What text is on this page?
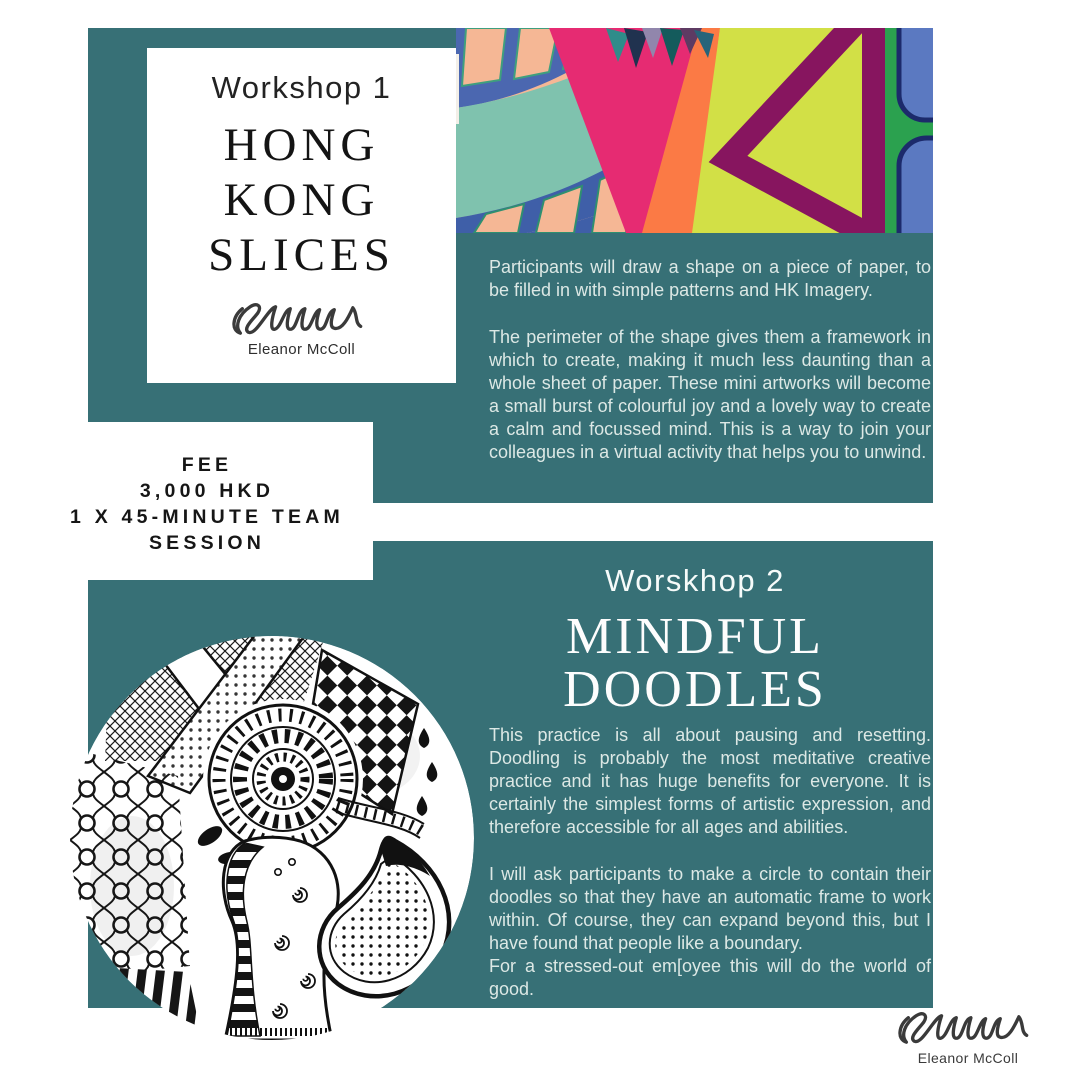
Workshop 1
HONG
KONG
SLICES
Eleanor McColl

Participants will draw a shape on a piece of paper, to be filled in with simple patterns and HK Imagery.

The perimeter of the shape gives them a framework in which to create, making it much less daunting than a whole sheet of paper. These mini artworks will become a small burst of colourful joy and a lovely way to create a calm and focussed mind. This is a way to join your colleagues in a virtual activity that helps you to unwind.

FEE
3,000 HKD
1 X 45-MINUTE TEAM
SESSION
Worskhop 2
MINDFUL
DOODLES

This practice is all about pausing and resetting. Doodling is probably the most meditative creative practice and it has huge benefits for everyone. It is certainly the simplest forms of artistic expression, and therefore accessible for all ages and abilities.

I will ask participants to make a circle to contain their doodles so that they have an automatic frame to work within. Of course, they can expand beyond this, but I have found that people like a boundary.
For a stressed-out em[oyee this will do the world of good.

Eleanor McColl
